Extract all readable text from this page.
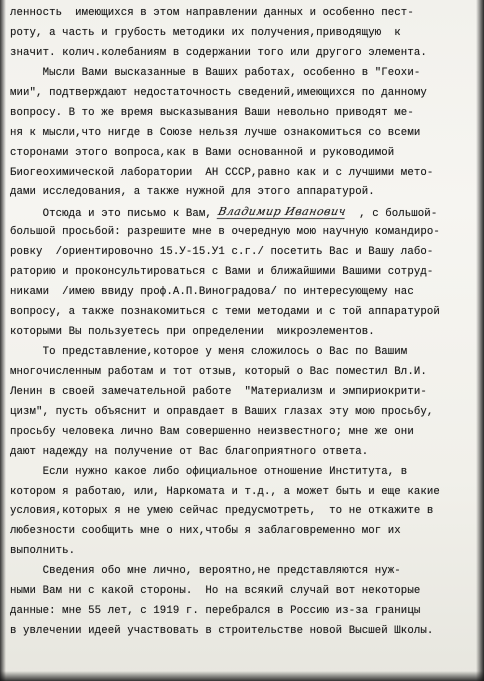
ленность  имеющихся в этом направлении данных и особенно пест-
роту, а часть и грубость методики их получения,приводящую  к
значит. колич.колебаниям в содержании того или другого элемента.
Мысли Вами высказанные в Ваших работах, особенно в "Геохи-
мии", подтверждают недостаточность сведений,имеющихся по данному
вопросу. В то же время высказывания Ваши невольно приводят ме-
ня к мысли,что нигде в Союзе нельзя лучше ознакомиться со всеми
сторонами этого вопроса,как в Вами основанной и руководимой
Биогеохимической лаборатории  АН СССР,равно как и с лучшими мето-
дами исследования, а также нужной для этого аппаратурой.
Отсюда и это письмо к Вам, Владимир Иванович  , с большой-
большой просьбой: разрешите мне в очередную мою научную командиро-
ровку  /ориентировочно 15.У-15.У1 с.г./ посетить Вас и Вашу лабо-
раторию и проконсультироваться с Вами и ближайшими Вашими сотруд-
никами  /имею ввиду проф.А.П.Виноградова/ по интересующему нас
вопросу, а также познакомиться с теми методами и с той аппаратурой
которыми Вы пользуетесь при определении  микроэлементов.
То представление,которое у меня сложилось о Вас по Вашим
многочисленным работам и тот отзыв, который о Вас поместил Вл.И.
Ленин в своей замечательной работе  "Материализм и эмпириокрити-
цизм", пусть объяснит и оправдает в Ваших глазах эту мою просьбу,
просьбу человека лично Вам совершенно неизвестного; мне же они
дают надежду на получение от Вас благоприятного ответа.
Если нужно какое либо официальное отношение Института, в
котором я работаю, или, Наркомата и т.д., а может быть и еще какие
условия,которых я не умею сейчас предусмотреть,  то не откажите в
любезности сообщить мне о них,чтобы я заблаговременно мог их
выполнить.
Сведения обо мне лично, вероятно,не представляются нуж-
ными Вам ни с какой стороны.  Но на всякий случай вот некоторые
данные: мне 55 лет, с 1919 г. перебрался в Россию из-за границы
в увлечении идеей участвовать в строительстве новой Высшей Школы.
